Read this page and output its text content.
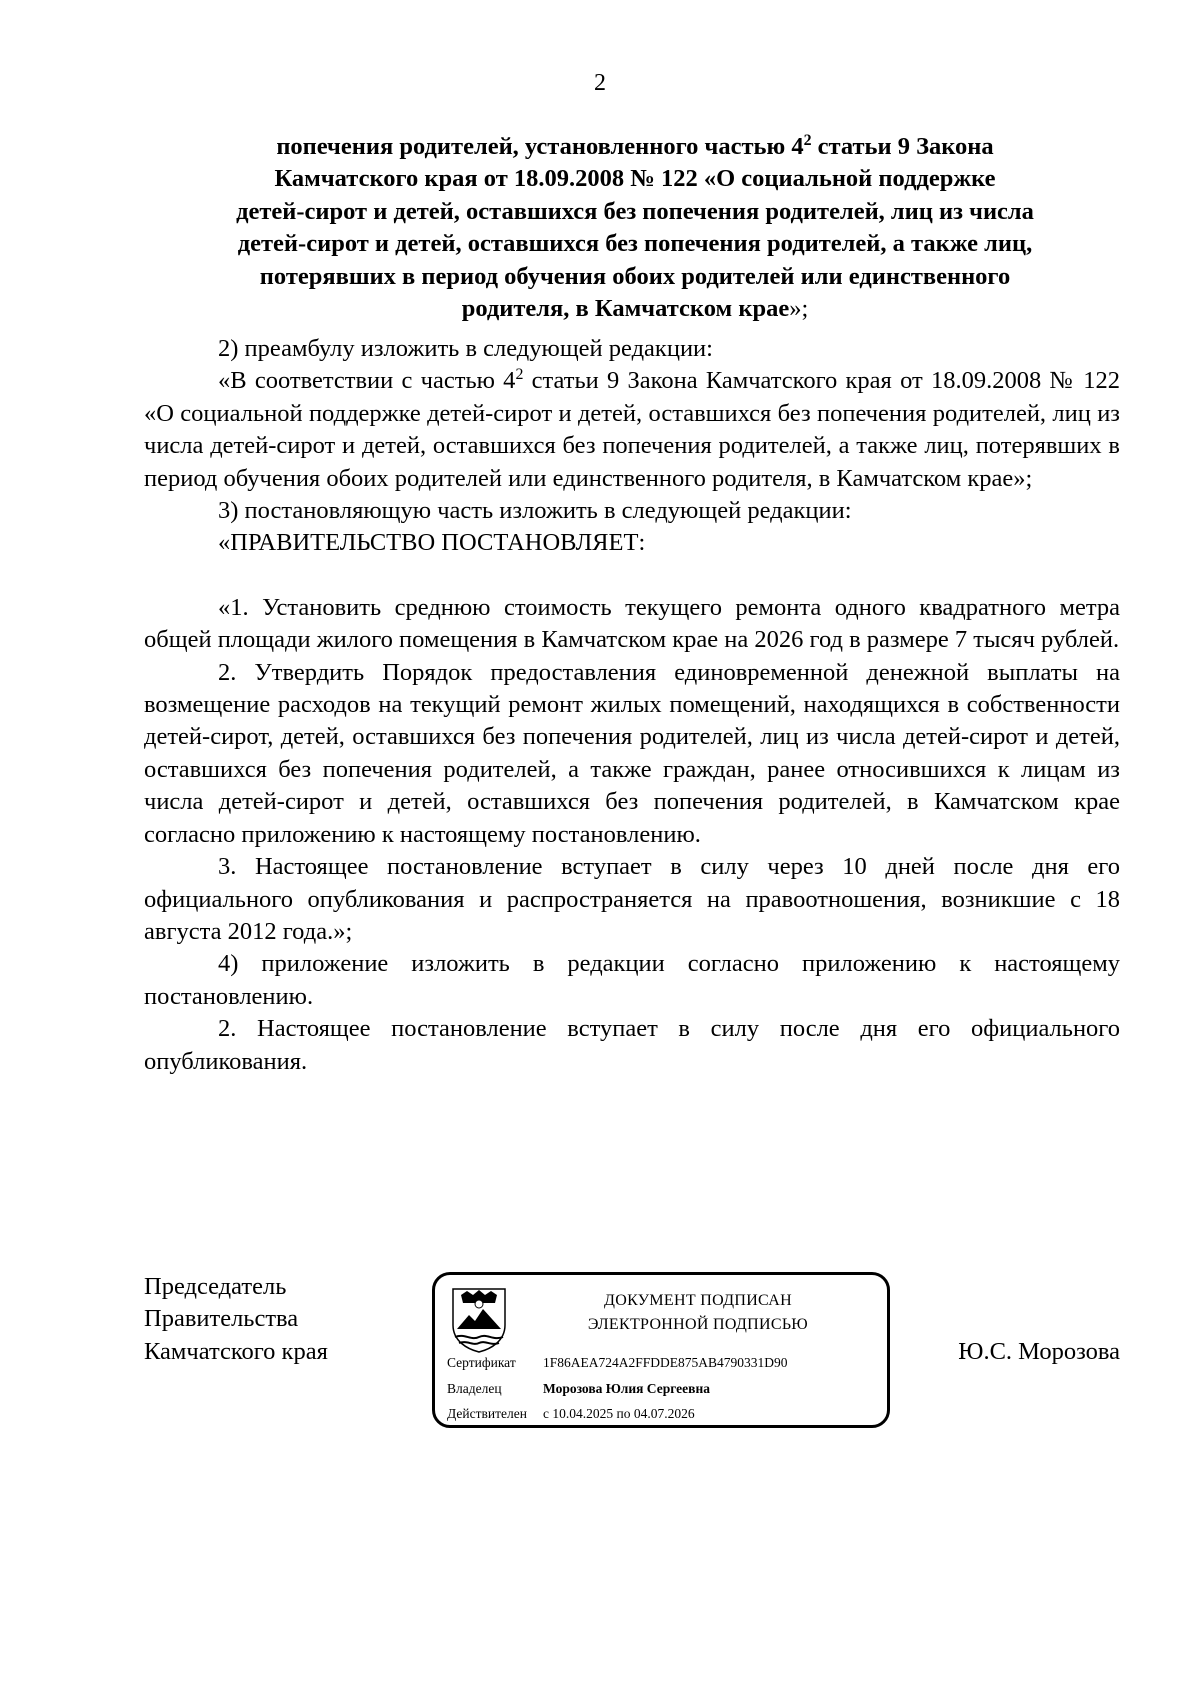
2
попечения родителей, установленного частью $4^2$ статьи 9 Закона
Камчатского края от 18.09.2008 № 122 «О социальной поддержке
детей-сирот и детей, оставшихся без попечения родителей, лиц из числа
детей-сирот и детей, оставшихся без попечения родителей, а также лиц,
потерявших в период обучения обоих родителей или единственного
родителя, в Камчатском крае»;

2) преамбулу изложить в следующей редакции:

«В соответствии с частью $4^2$ статьи 9 Закона Камчатского края от 18.09.2008 № 122 «О социальной поддержке детей-сирот и детей, оставшихся без попечения родителей, лиц из числа детей-сирот и детей, оставшихся без попечения родителей, а также лиц, потерявших в период обучения обоих родителей или единственного родителя, в Камчатском крае»;

3) постановляющую часть изложить в следующей редакции:

«ПРАВИТЕЛЬСТВО ПОСТАНОВЛЯЕТ:

«1. Установить среднюю стоимость текущего ремонта одного квадратного метра общей площади жилого помещения в Камчатском крае на 2026 год в размере 7 тысяч рублей.

2. Утвердить Порядок предоставления единовременной денежной выплаты на возмещение расходов на текущий ремонт жилых помещений, находящихся в собственности детей-сирот, детей, оставшихся без попечения родителей, лиц из числа детей-сирот и детей, оставшихся без попечения родителей, а также граждан, ранее относившихся к лицам из числа детей-сирот и детей, оставшихся без попечения родителей, в Камчатском крае согласно приложению к настоящему постановлению.

3. Настоящее постановление вступает в силу через 10 дней после дня его официального опубликования и распространяется на правоотношения, возникшие с 18 августа 2012 года.»;

4) приложение изложить в редакции согласно приложению к настоящему постановлению.

2. Настоящее постановление вступает в силу после дня его официального опубликования.

Председатель
Правительства
Камчатского края
ДОКУМЕНТ ПОДПИСАН
ЭЛЕКТРОННОЙ ПОДПИСЬЮ
Сертификат 1F86AEA724A2FFDDE875AB4790331D90
Владелец	Морозова Юлия Сергеевна
Действителен с 10.04.2025 по 04.07.2026
Ю.С. Морозова
